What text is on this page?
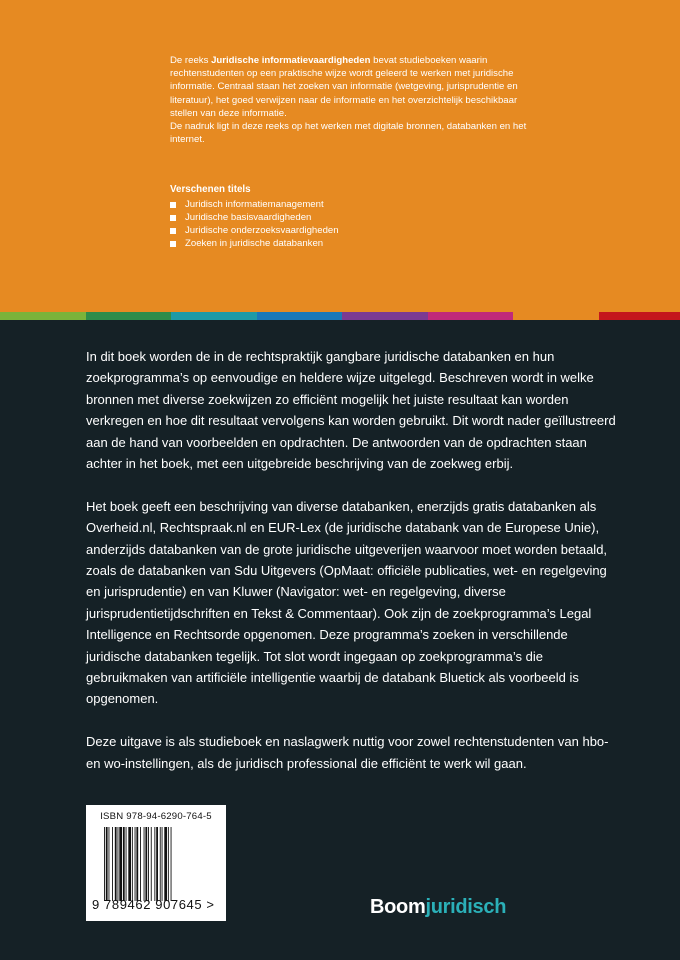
De reeks Juridische informatievaardigheden bevat studieboeken waarin rechtenstudenten op een praktische wijze wordt geleerd te werken met juridische informatie. Centraal staan het zoeken van informatie (wetgeving, jurisprudentie en literatuur), het goed verwijzen naar de informatie en het overzichtelijk beschikbaar stellen van deze informatie.

De nadruk ligt in deze reeks op het werken met digitale bronnen, databanken en het internet.

Verschenen titels
Juridisch informatiemanagement
Juridische basisvaardigheden
Juridische onderzoeksvaardigheden
Zoeken in juridische databanken

In dit boek worden de in de rechtspraktijk gangbare juridische databanken en hun zoekprogramma’s op eenvoudige en heldere wijze uitgelegd. Beschreven wordt in welke bronnen met diverse zoekwijzen zo efficiënt mogelijk het juiste resultaat kan worden verkregen en hoe dit resultaat vervolgens kan worden gebruikt. Dit wordt nader geïllustreerd aan de hand van voorbeelden en opdrachten. De antwoorden van de opdrachten staan achter in het boek, met een uitgebreide beschrijving van de zoekweg erbij.

Het boek geeft een beschrijving van diverse databanken, enerzijds gratis databanken als Overheid.nl, Rechtspraak.nl en EUR-Lex (de juridische databank van de Europese Unie), anderzijds databanken van de grote juridische uitgeverijen waarvoor moet worden betaald, zoals de databanken van Sdu Uitgevers (OpMaat: officiële publicaties, wet- en regelgeving en jurisprudentie) en van Kluwer (Navigator: wet- en regelgeving, diverse jurisprudentietijdschriften en Tekst & Commentaar). Ook zijn de zoekprogramma’s Legal Intelligence en Rechtsorde opgenomen. Deze programma’s zoeken in verschillende juridische databanken tegelijk. Tot slot wordt ingegaan op zoekprogramma’s die gebruikmaken van artificiële intelligentie waarbij de databank Bluetick als voorbeeld is opgenomen.

Deze uitgave is als studieboek en naslagwerk nuttig voor zowel rechtenstudenten van hbo- en wo-instellingen, als de juridisch professional die efficiënt te werk wil gaan.

ISBN 978-94-6290-764-5
9 789462 907645 >	Boomjuridisch
